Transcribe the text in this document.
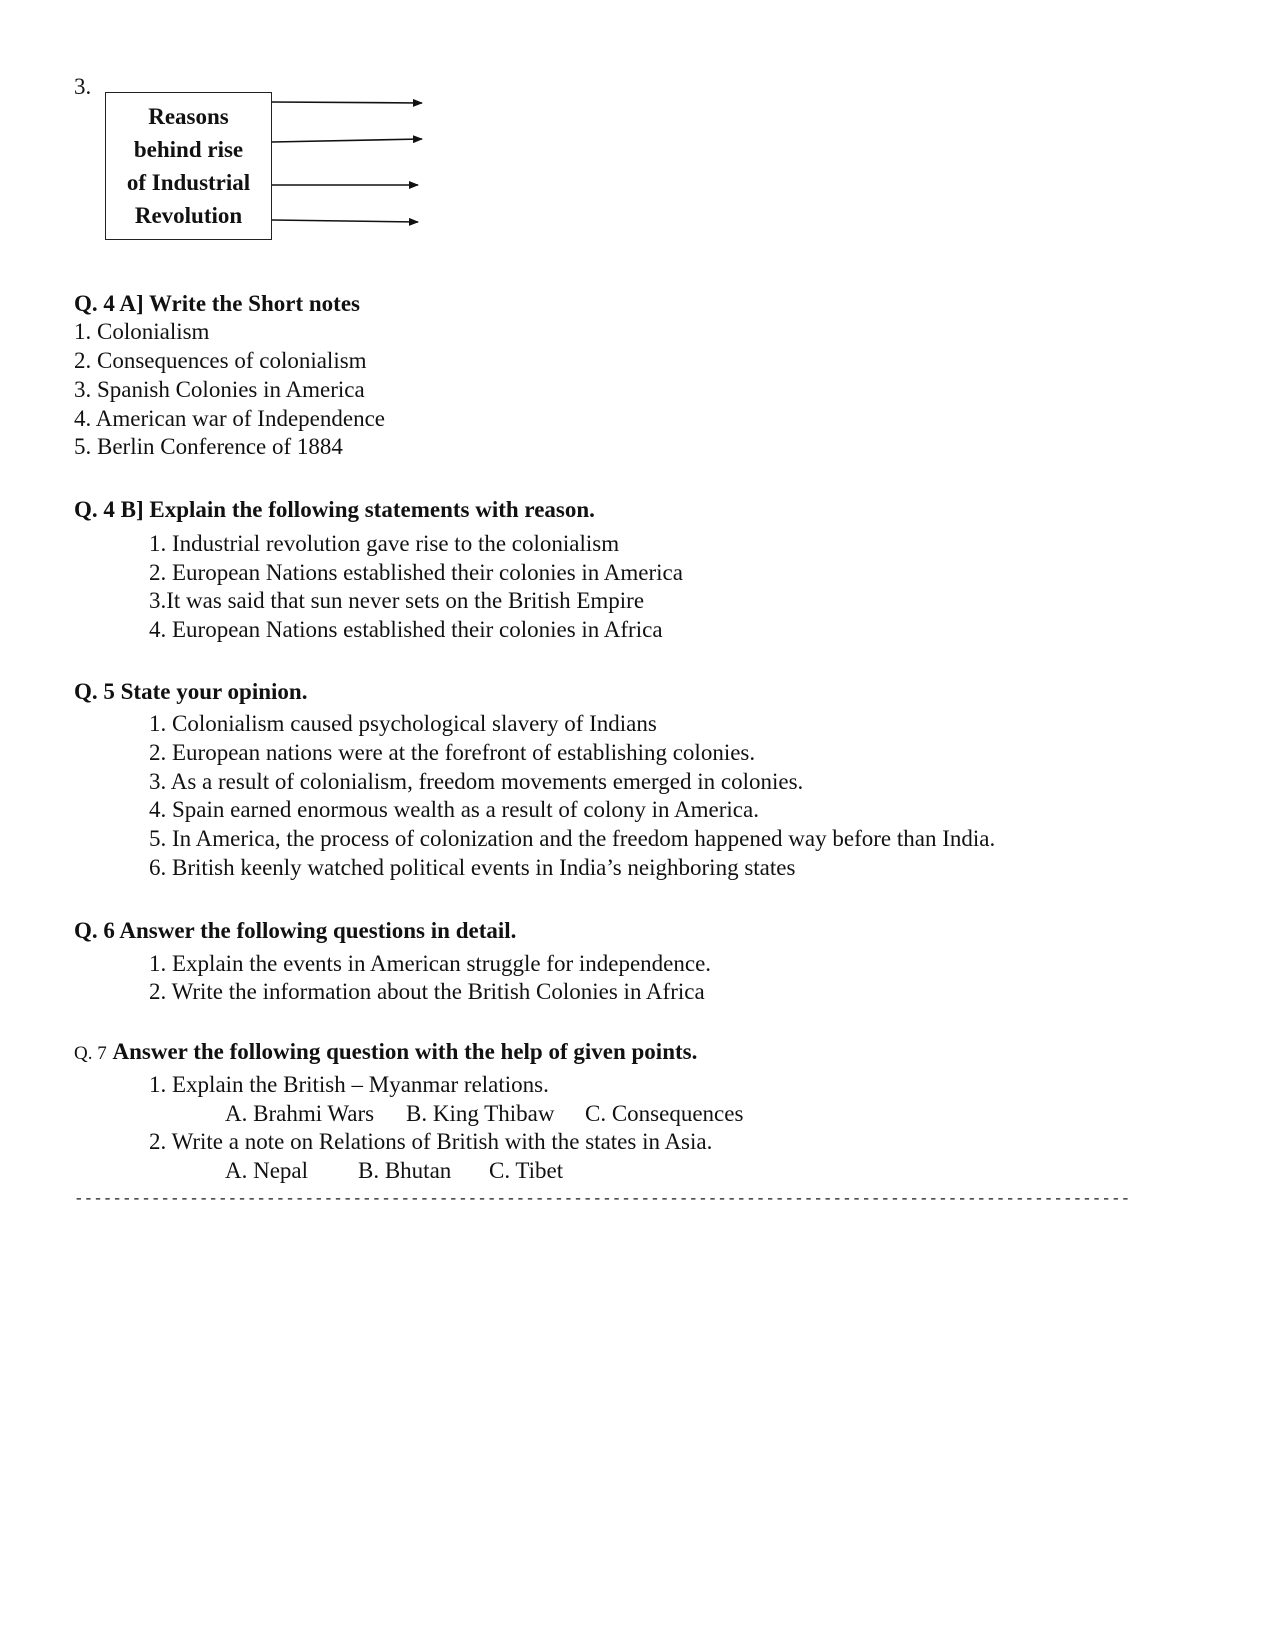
3.
Reasons
behind rise
of Industrial
Revolution
Q. 4 A] Write the Short notes
1. Colonialism
2. Consequences of colonialism
3. Spanish Colonies in America
4. American war of Independence
5. Berlin Conference of 1884
Q. 4 B] Explain the following statements with reason.
1. Industrial revolution gave rise to the colonialism
2. European Nations established their colonies in America
3.It was said that sun never sets on the British Empire
4. European Nations established their colonies in Africa
Q. 5 State your opinion.
1. Colonialism caused psychological slavery of Indians
2. European nations were at the forefront of establishing colonies.
3. As a result of colonialism, freedom movements emerged in colonies.
4. Spain earned enormous wealth as a result of colony in America.
5. In America, the process of colonization and the freedom happened way before than India.
6. British keenly watched political events in India’s neighboring states
Q. 6 Answer the following questions in detail.
1. Explain the events in American struggle for independence.
2. Write the information about the British Colonies in Africa
Q. 7 Answer the following question with the help of given points.
1. Explain the British – Myanmar relations.
A. Brahmi Wars B. King Thibaw C. Consequences
2. Write a note on Relations of British with the states in Asia.
A. Nepal B. Bhutan C. Tibet
--------------------------------------------------------------------------------------------------------------
